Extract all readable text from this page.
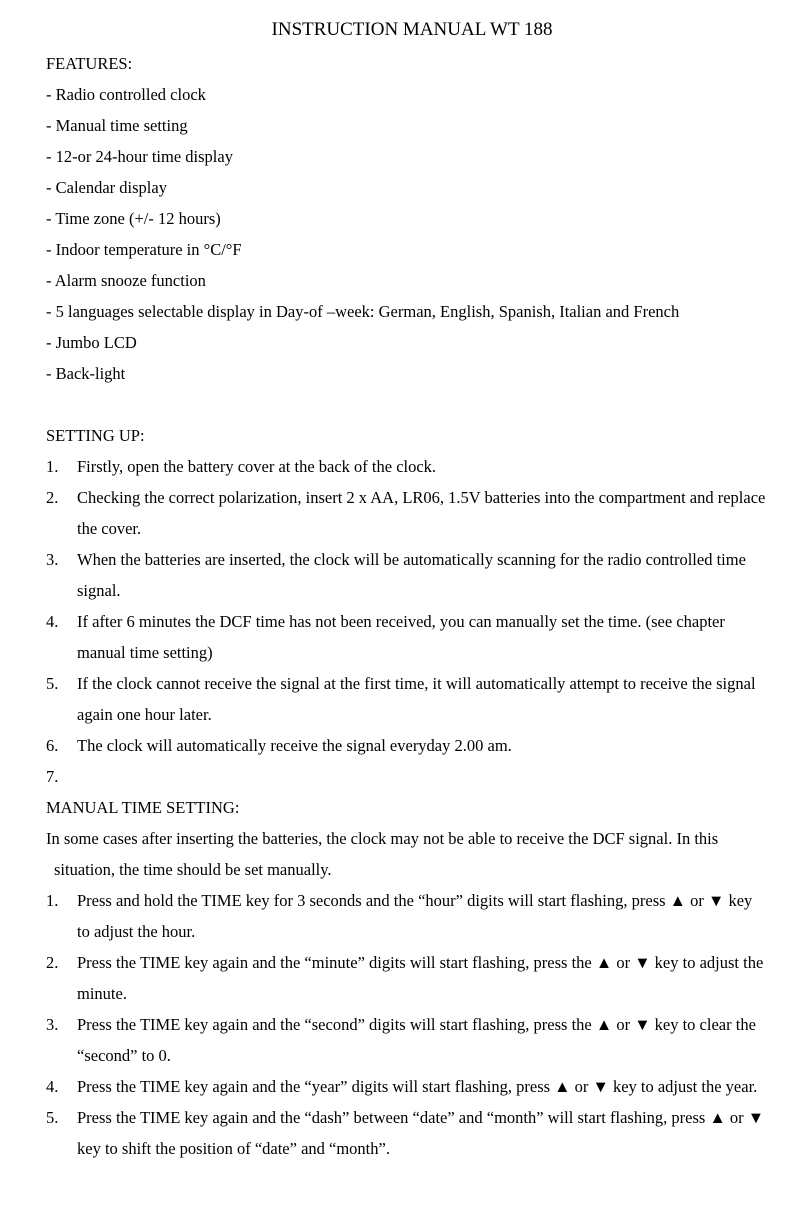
INSTRUCTION MANUAL WT 188
FEATURES:
- Radio controlled clock
- Manual time setting
- 12-or 24-hour time display
- Calendar display
- Time zone (+/- 12 hours)
- Indoor temperature in °C/°F
- Alarm snooze function
- 5 languages selectable display in Day-of –week: German, English, Spanish, Italian and French
- Jumbo LCD
- Back-light
SETTING UP:
1. Firstly, open the battery cover at the back of the clock.
2. Checking the correct polarization, insert 2 x AA, LR06, 1.5V batteries into the compartment and replace the cover.
3. When the batteries are inserted, the clock will be automatically scanning for the radio controlled time signal.
4. If after 6 minutes the DCF time has not been received, you can manually set the time. (see chapter manual time setting)
5. If the clock cannot receive the signal at the first time, it will automatically attempt to receive the signal again one hour later.
6. The clock will automatically receive the signal everyday 2.00 am.
7.

MANUAL TIME SETTING:
In some cases after inserting the batteries, the clock may not be able to receive the DCF signal. In this situation, the time should be set manually.
1. Press and hold the TIME key for 3 seconds and the “hour” digits will start flashing, press ▲ or ▼ key to adjust the hour.
2. Press the TIME key again and the “minute” digits will start flashing, press the ▲ or ▼ key to adjust the minute.
3. Press the TIME key again and the “second” digits will start flashing, press the ▲ or ▼ key to clear the “second” to 0.
4. Press the TIME key again and the “year” digits will start flashing, press ▲ or ▼ key to adjust the year.
5. Press the TIME key again and the “dash” between “date” and “month” will start flashing, press ▲ or ▼ key to shift the position of “date” and “month”.
